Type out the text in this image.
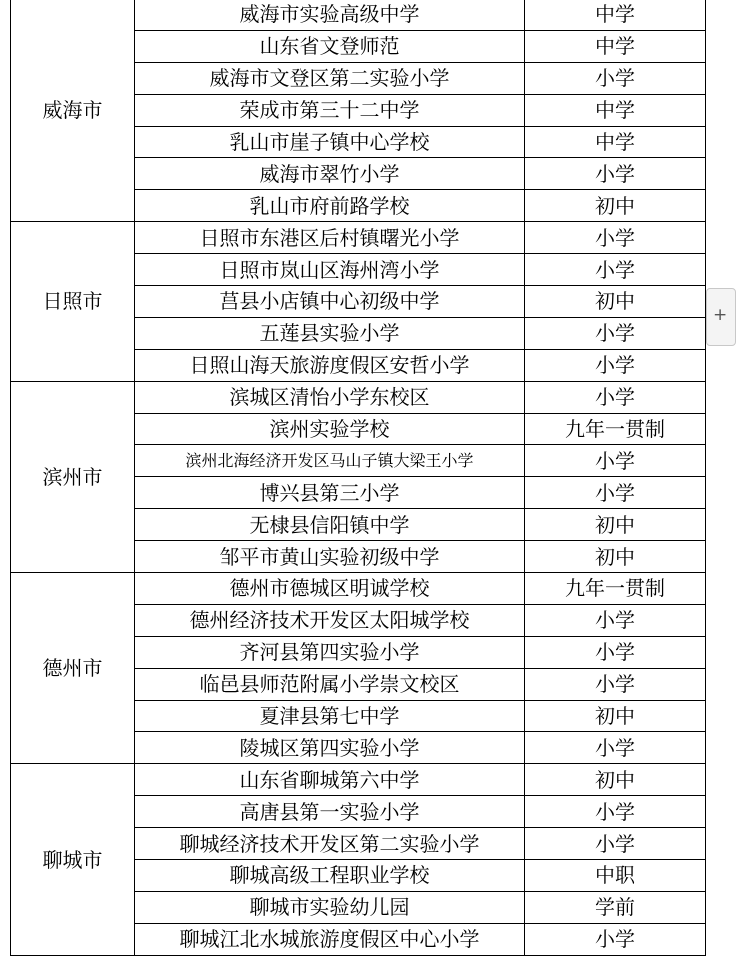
威海市	威海市实验高级中学	中学
	山东省文登师范	中学
	威海市文登区第二实验小学	小学
	荣成市第三十二中学	中学
	乳山市崖子镇中心学校	中学
	威海市翠竹小学	小学
	乳山市府前路学校	初中
日照市	日照市东港区后村镇曙光小学	小学
	日照市岚山区海州湾小学	小学
	莒县小店镇中心初级中学	初中
	五莲县实验小学	小学
	日照山海天旅游度假区安哲小学	小学
滨州市	滨城区清怡小学东校区	小学
	滨州实验学校	九年一贯制
	滨州北海经济开发区马山子镇大梁王小学	小学
	博兴县第三小学	小学
	无棣县信阳镇中学	初中
	邹平市黄山实验初级中学	初中
德州市	德州市德城区明诚学校	九年一贯制
	德州经济技术开发区太阳城学校	小学
	齐河县第四实验小学	小学
	临邑县师范附属小学崇文校区	小学
	夏津县第七中学	初中
	陵城区第四实验小学	小学
聊城市	山东省聊城第六中学	初中
	高唐县第一实验小学	小学
	聊城经济技术开发区第二实验小学	小学
	聊城高级工程职业学校	中职
	聊城市实验幼儿园	学前
	聊城江北水城旅游度假区中心小学	小学
+
